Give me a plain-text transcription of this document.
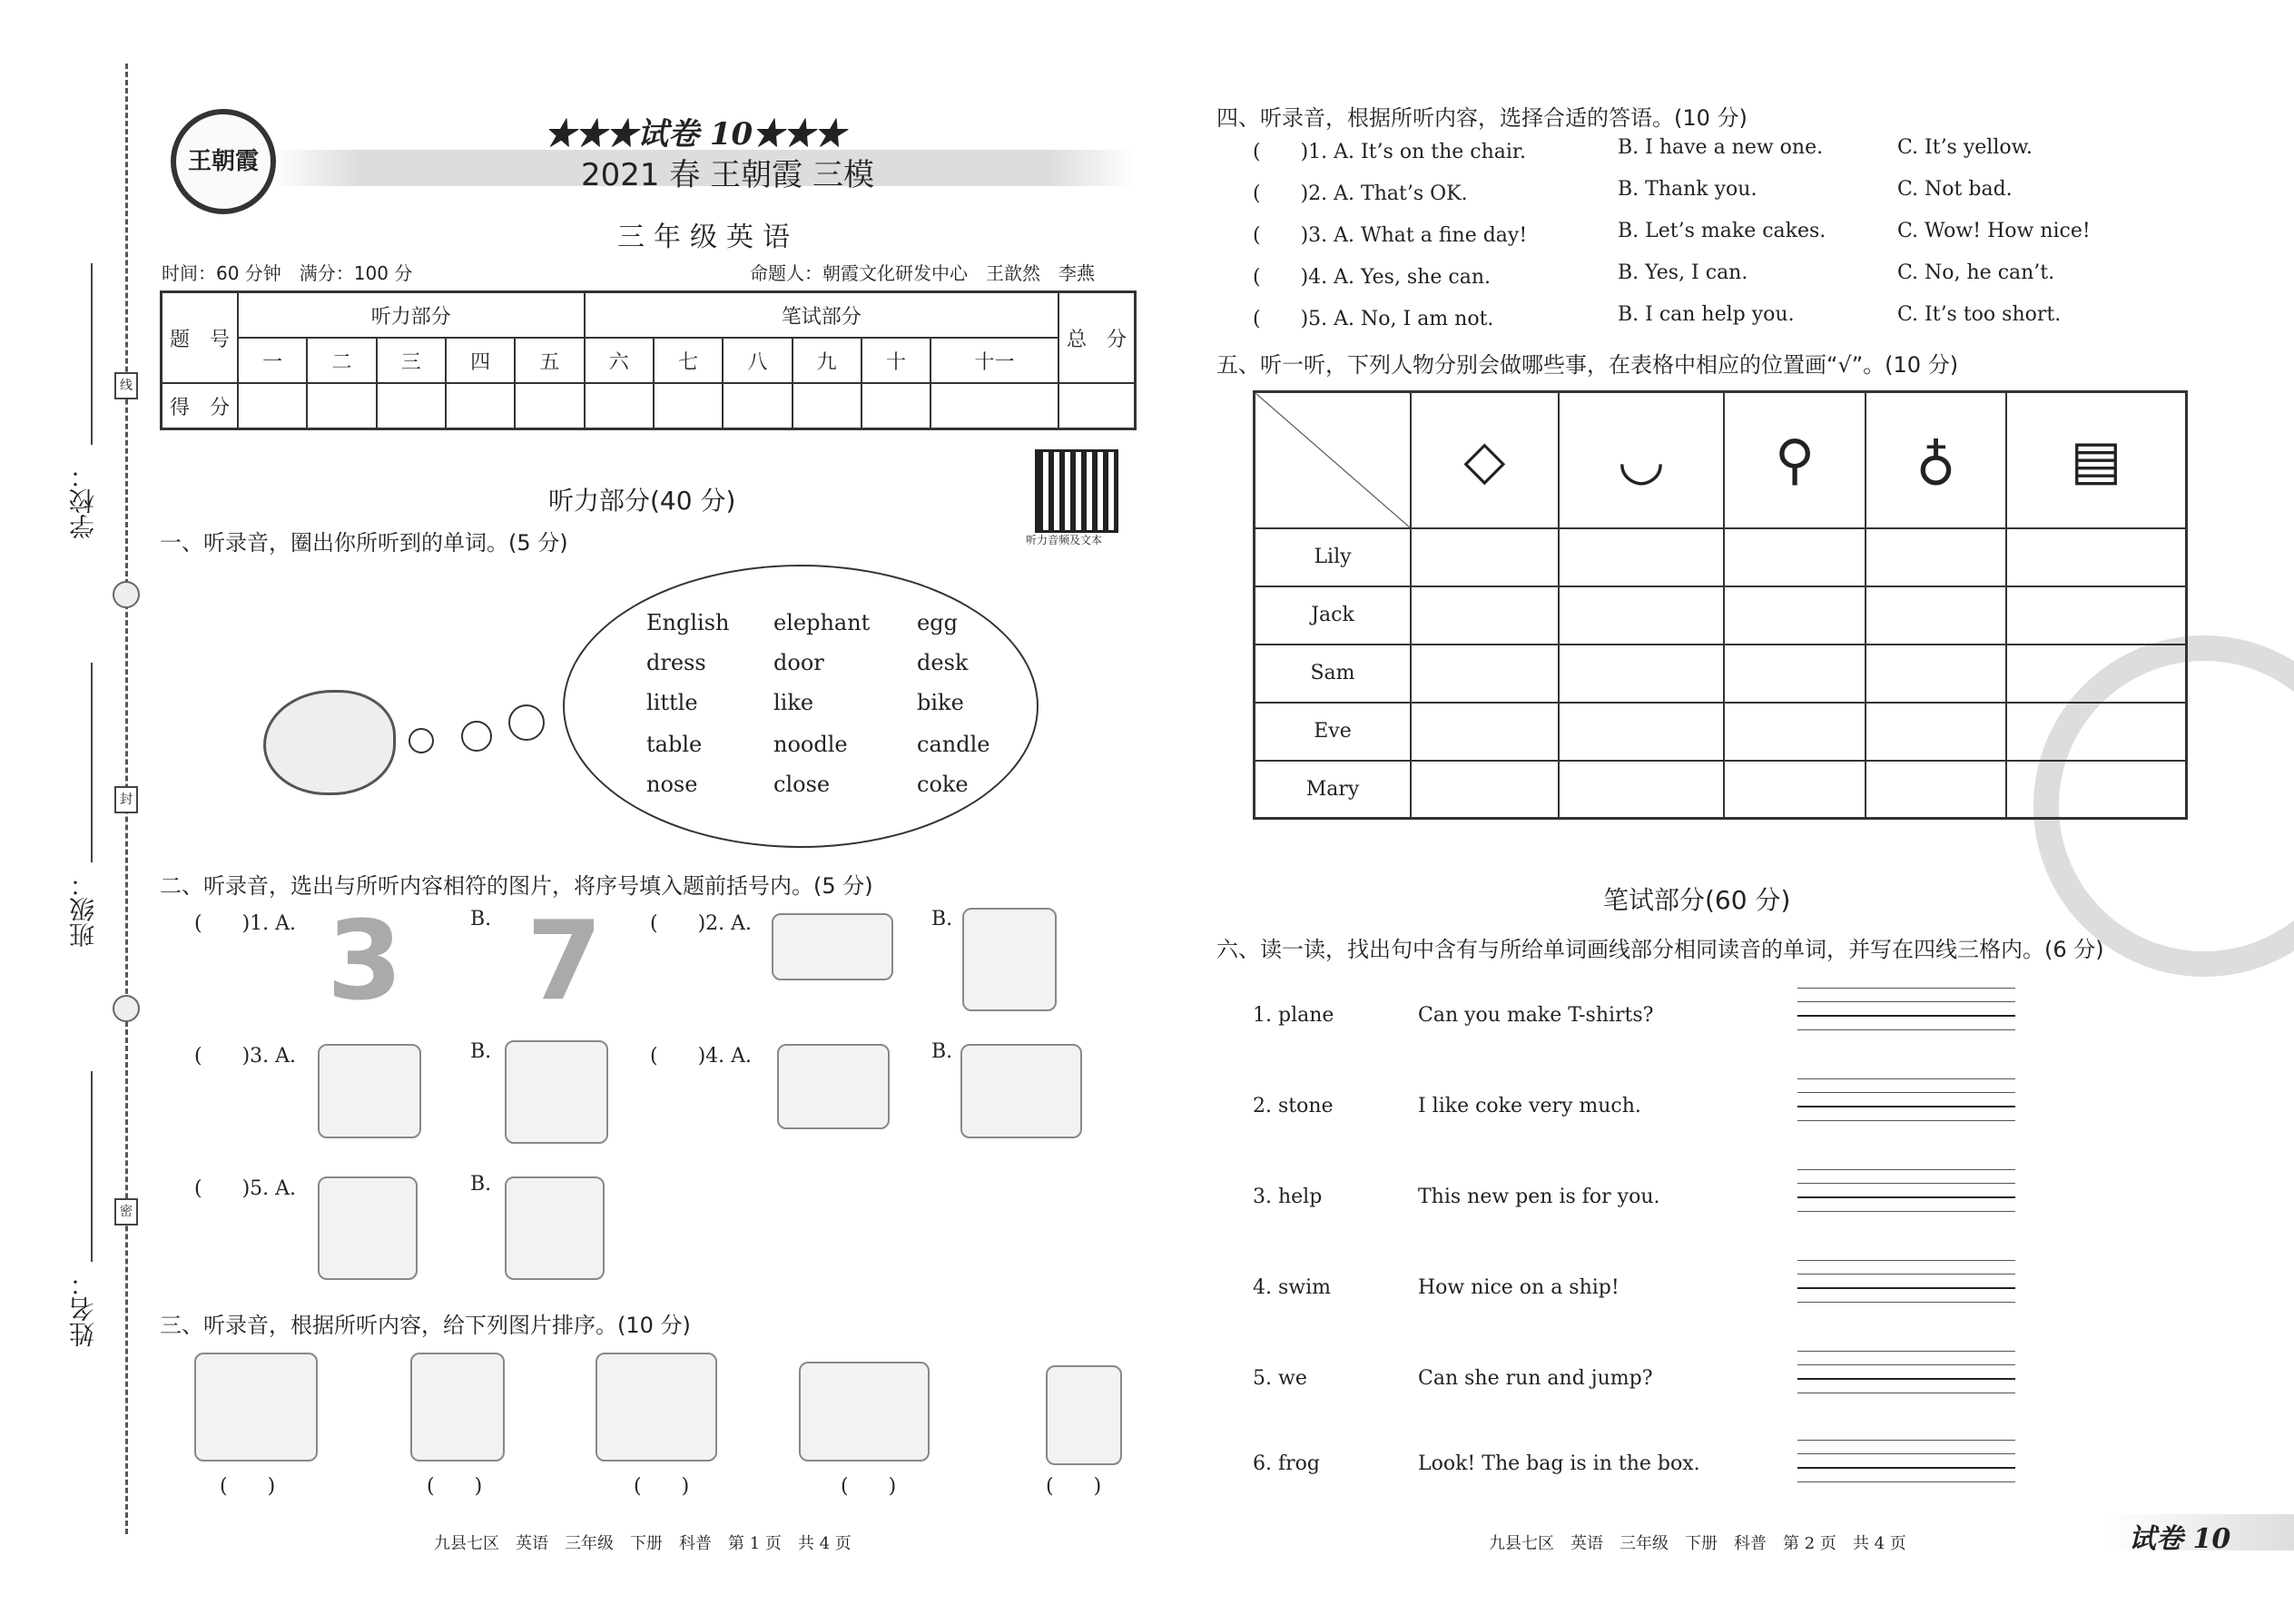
学校：
班级：
姓名：
线
封
密
王朝霞
★★★试卷 10★★★
2021 春 王朝霞 三模
三年级英语
时间：60 分钟　满分：100 分	命题人：朝霞文化研发中心　王歆然　李燕
题　号	听力部分					笔试部分						总　分
	一	二	三	四	五	六	七	八	九	十	十一	
得　分												
听力部分(40 分)
听力音频及文本
一、听录音，圈出你所听到的单词。(5 分)
English elephant egg
dress	door	desk
little	like	bike
table	noodle	candle
nose	close	coke
二、听录音，选出与所听内容相符的图片，将序号填入题前括号内。(5 分)
(　　)1. A. 3	B. 7 (　　)2. A.	B.
(　　)3. A.	B.	(　　)4. A.	B.
(　　)5. A.	B.
三、听录音，根据所听内容，给下列图片排序。(10 分)
(　　)	(　　)	(　　)	(　　)	(　　)
四、听录音，根据所听内容，选择合适的答语。(10 分)
(　　)1. A. It’s on the chair.	B. I have a new one.	C. It’s yellow.
(　　)2. A. That’s OK.	B. Thank you.	C. Not bad.
(　　)3. A. What a fine day!	B. Let’s make cakes.	C. Wow! How nice!
(　　)4. A. Yes, she can.	B. Yes, I can.	C. No, he can’t.
(　　)5. A. No, I am not.	B. I can help you.	C. It’s too short.
五、听一听，下列人物分别会做哪些事，在表格中相应的位置画“√”。(10 分)
	◇	◡	⚲	♁	▤
Lily					
Jack					
Sam					
Eve					
Mary					
笔试部分(60 分)
六、读一读，找出句中含有与所给单词画线部分相同读音的单词，并写在四线三格内。(6 分)
1. plane	Can you make T-shirts?
2. stone	I like coke very much.
3. help	This new pen is for you.
4. swim	How nice on a ship!
5. we	Can she run and jump?
6. frog	Look! The bag is in the box.
九县七区　英语　三年级　下册　科普　第 1 页　共 4 页	九县七区　英语　三年级　下册　科普　第 2 页　共 4 页	试卷 10
